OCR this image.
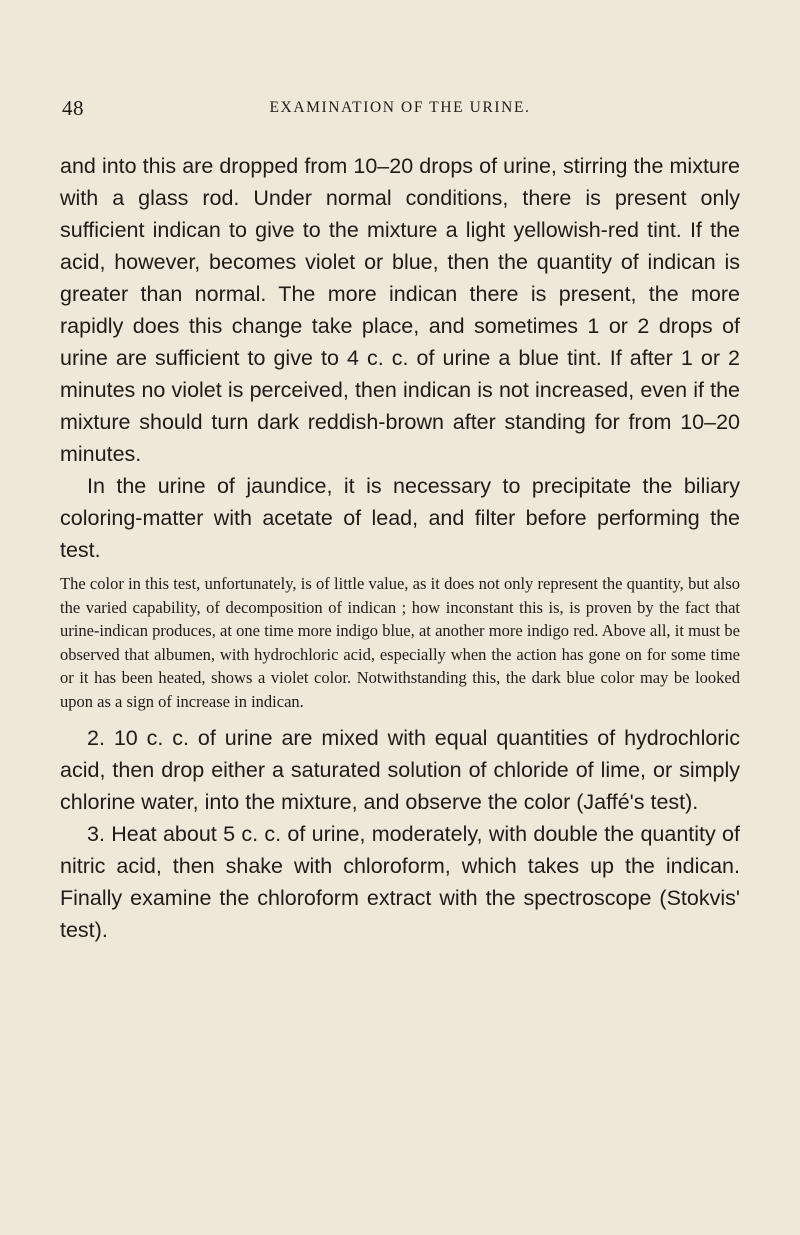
48	EXAMINATION OF THE URINE.

and into this are dropped from 10–20 drops of urine, stirring the mixture with a glass rod. Under normal conditions, there is present only sufficient indican to give to the mixture a light yellowish-red tint. If the acid, however, becomes violet or blue, then the quantity of indican is greater than normal. The more indican there is present, the more rapidly does this change take place, and sometimes 1 or 2 drops of urine are sufficient to give to 4 c. c. of urine a blue tint. If after 1 or 2 minutes no violet is perceived, then indican is not increased, even if the mixture should turn dark reddish-brown after standing for from 10–20 minutes.

In the urine of jaundice, it is necessary to precipitate the biliary coloring-matter with acetate of lead, and filter before performing the test.

The color in this test, unfortunately, is of little value, as it does not only represent the quantity, but also the varied capability, of decomposition of indican ; how inconstant this is, is proven by the fact that urine-indican produces, at one time more indigo blue, at another more indigo red. Above all, it must be observed that albumen, with hydrochloric acid, especially when the action has gone on for some time or it has been heated, shows a violet color. Notwithstanding this, the dark blue color may be looked upon as a sign of increase in indican.

2. 10 c. c. of urine are mixed with equal quantities of hydrochloric acid, then drop either a saturated solution of chloride of lime, or simply chlorine water, into the mixture, and observe the color (Jaffé's test).

3. Heat about 5 c. c. of urine, moderately, with double the quantity of nitric acid, then shake with chloroform, which takes up the indican. Finally examine the chloroform extract with the spectroscope (Stokvis' test).
